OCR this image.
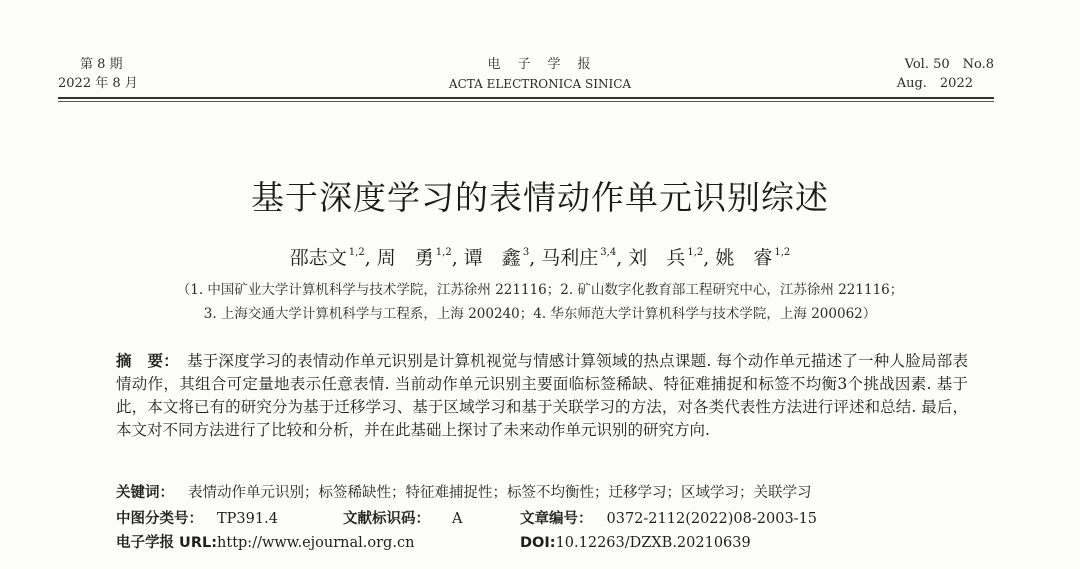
第 8 期
2022 年 8 月
电　子　学　报
ACTA ELECTRONICA SINICA
Vol. 50　No.8
Aug.　2022
基于深度学习的表情动作单元识别综述
邵志文 $^{1,2}$, 周　勇 $^{1,2}$, 谭　鑫 $^3$, 马利庄 $^{3,4}$, 刘　兵 $^{1,2}$, 姚　睿 $^{1,2}$
（1. 中国矿业大学计算机科学与技术学院，江苏徐州 221116；2. 矿山数字化教育部工程研究中心，江苏徐州 221116；
3. 上海交通大学计算机科学与工程系，上海 200240；4. 华东师范大学计算机科学与技术学院，上海 200062）
摘　要： 基于深度学习的表情动作单元识别是计算机视觉与情感计算领域的热点课题. 每个动作单元描述了一种人脸局部表情动作，其组合可定量地表示任意表情. 当前动作单元识别主要面临标签稀缺、特征难捕捉和标签不均衡3个挑战因素. 基于此，本文将已有的研究分为基于迁移学习、基于区域学习和基于关联学习的方法，对各类代表性方法进行评述和总结. 最后，本文对不同方法进行了比较和分析，并在此基础上探讨了未来动作单元识别的研究方向.
关键词： 表情动作单元识别；标签稀缺性；特征难捕捉性；标签不均衡性；迁移学习；区域学习；关联学习
中图分类号： TP391.4	文献标识码： A	文章编号： 0372-2112(2022)08-2003-15
电子学报 URL:http://www.ejournal.org.cn	DOI:10.12263/DZXB.20210639
